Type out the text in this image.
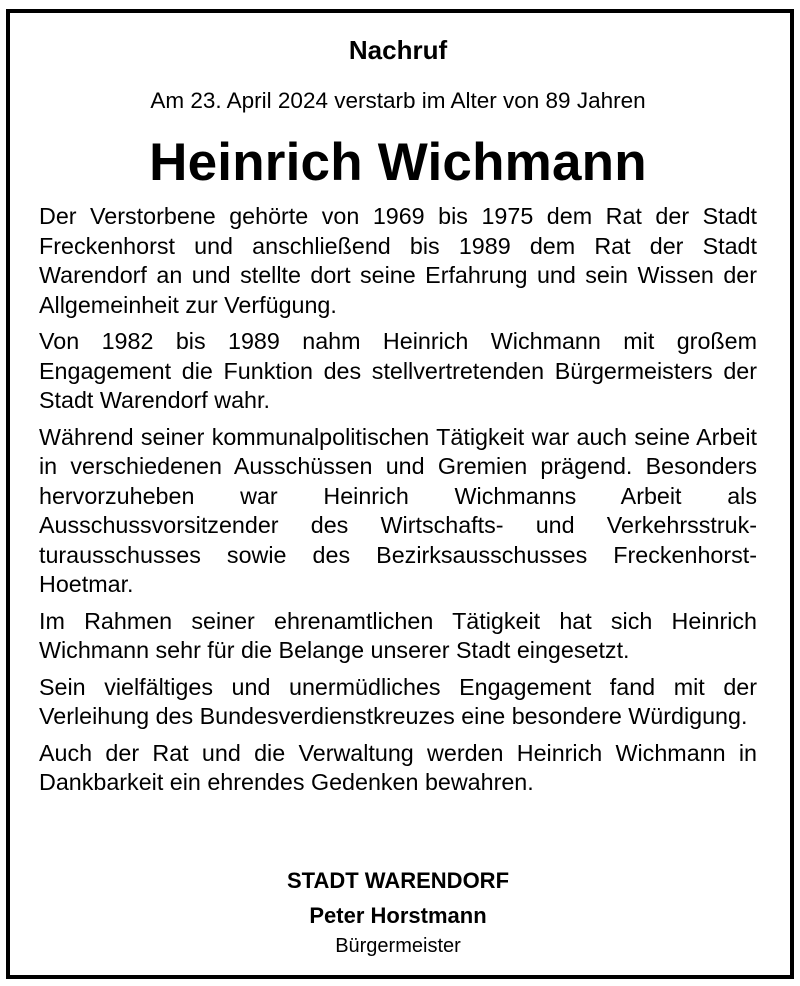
Nachruf

Am 23. April 2024 verstarb im Alter von 89 Jahren

Heinrich Wichmann

Der Verstorbene gehörte von 1969 bis 1975 dem Rat der Stadt Freckenhorst und anschließend bis 1989 dem Rat der Stadt Warendorf an und stellte dort seine Erfahrung und sein Wissen der Allgemeinheit zur Verfügung.

Von 1982 bis 1989 nahm Heinrich Wichmann mit großem Engagement die Funktion des stellvertretenden Bürgermeisters der Stadt Warendorf wahr.

Während seiner kommunalpolitischen Tätigkeit war auch seine Arbeit in verschiedenen Ausschüssen und Gremien prägend. Besonders hervorzuheben war Heinrich Wichmanns Arbeit als Ausschussvorsitzender des Wirtschafts- und Verkehrsstrukturausschusses sowie des Bezirksausschusses Freckenhorst-Hoetmar.

Im Rahmen seiner ehrenamtlichen Tätigkeit hat sich Heinrich Wichmann sehr für die Belange unserer Stadt eingesetzt.

Sein vielfältiges und unermüdliches Engagement fand mit der Verleihung des Bundesverdienstkreuzes eine besondere Würdigung.

Auch der Rat und die Verwaltung werden Heinrich Wichmann in Dankbarkeit ein ehrendes Gedenken bewahren.

STADT WARENDORF

Peter Horstmann

Bürgermeister
